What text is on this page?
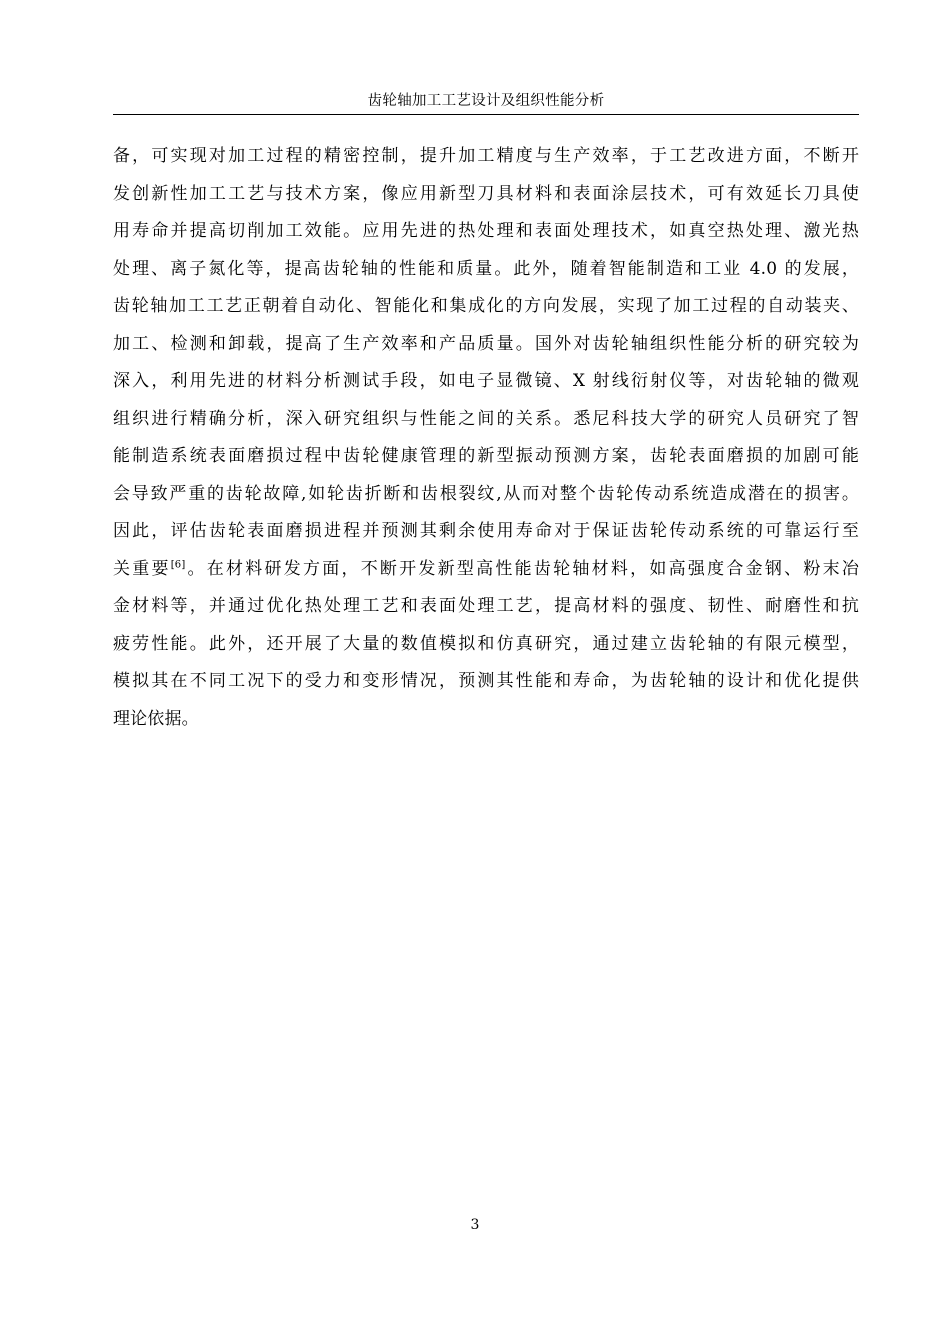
齿轮轴加工工艺设计及组织性能分析
备，可实现对加工过程的精密控制，提升加工精度与生产效率，于工艺改进方面，不断开
发创新性加工工艺与技术方案，像应用新型刀具材料和表面涂层技术，可有效延长刀具使
用寿命并提高切削加工效能。应用先进的热处理和表面处理技术，如真空热处理、激光热
处理、离子氮化等，提高齿轮轴的性能和质量。此外，随着智能制造和工业 4.0 的发展，
齿轮轴加工工艺正朝着自动化、智能化和集成化的方向发展，实现了加工过程的自动装夹、
加工、检测和卸载，提高了生产效率和产品质量。国外对齿轮轴组织性能分析的研究较为
深入，利用先进的材料分析测试手段，如电子显微镜、X 射线衍射仪等，对齿轮轴的微观
组织进行精确分析，深入研究组织与性能之间的关系。悉尼科技大学的研究人员研究了智
能制造系统表面磨损过程中齿轮健康管理的新型振动预测方案，齿轮表面磨损的加剧可能
会导致严重的齿轮故障,如轮齿折断和齿根裂纹,从而对整个齿轮传动系统造成潜在的损害。
因此，评估齿轮表面磨损进程并预测其剩余使用寿命对于保证齿轮传动系统的可靠运行至
关重要[6]。在材料研发方面，不断开发新型高性能齿轮轴材料，如高强度合金钢、粉末冶
金材料等，并通过优化热处理工艺和表面处理工艺，提高材料的强度、韧性、耐磨性和抗
疲劳性能。此外，还开展了大量的数值模拟和仿真研究，通过建立齿轮轴的有限元模型，
模拟其在不同工况下的受力和变形情况，预测其性能和寿命，为齿轮轴的设计和优化提供
理论依据。
3
